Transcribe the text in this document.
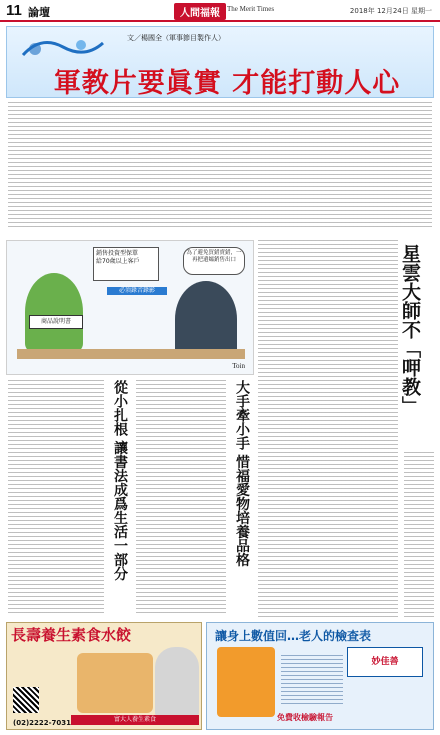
11 論壇	人間福報	The Merit Times	2018年 12月24日 星期一
文／楊國全（軍事節目製作人）
軍教片要眞實 才能打動人心
銷售投資型保單
給70歲以上客戶
必須錄音錄影
為了避免買錯賣錯，一再把遺孀銷售出口
商品說明書
Toin	星雲大師不「呷教」
大手牽小手 惜福愛物培養品格
從小扎根 讓書法成爲生活一部分
長壽養生素食水餃
(02)2222-7031	富大人養生素食
讓身上數值回…老人的檢查表
妙佳善
免費收檢驗報告
